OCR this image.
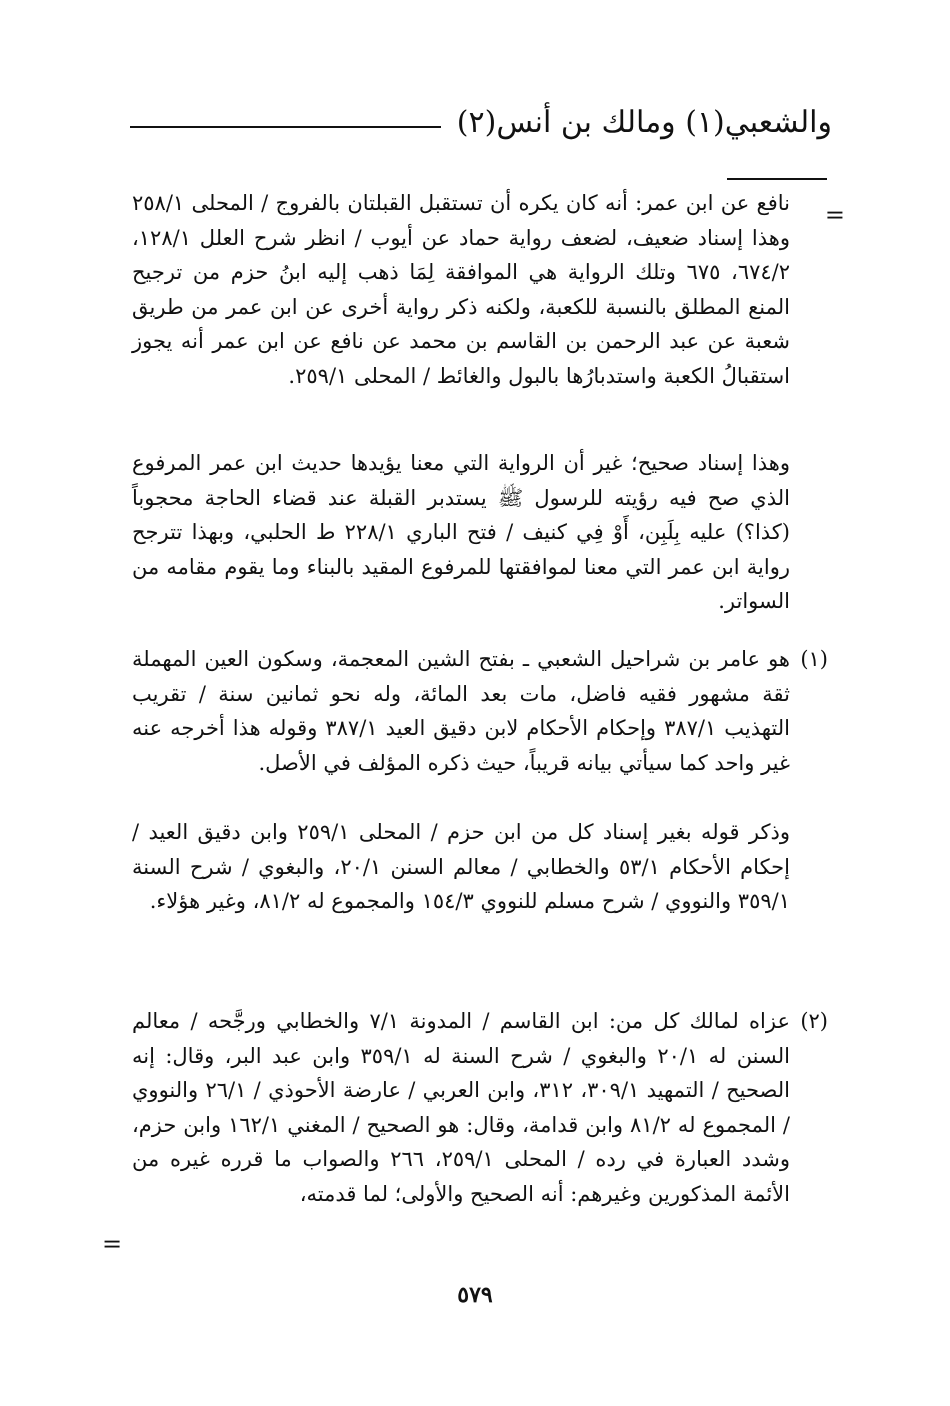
والشعبي(١) ومالك بن أنس(٢)
=
نافع عن ابن عمر: أنه كان يكره أن تستقبل القبلتان بالفروج / المحلى ٢٥٨/١ وهذا إسناد ضعيف، لضعف رواية حماد عن أيوب / انظر شرح العلل ١٢٨/١، ٦٧٤/٢، ٦٧٥ وتلك الرواية هي الموافقة لِمَا ذهب إليه ابنُ حزم من ترجيح المنع المطلق بالنسبة للكعبة، ولكنه ذكر رواية أخرى عن ابن عمر من طريق شعبة عن عبد الرحمن بن القاسم بن محمد عن نافع عن ابن عمر أنه يجوز استقبالُ الكعبة واستدبارُها بالبول والغائط / المحلى ٢٥٩/١.
وهذا إسناد صحيح؛ غير أن الرواية التي معنا يؤيدها حديث ابن عمر المرفوع الذي صح فيه رؤيته للرسول ﷺ يستدبر القبلة عند قضاء الحاجة محجوباً (كذا؟) عليه بِلَبِن، أَوْ فِي كنيف / فتح الباري ٢٢٨/١ ط الحلبي، وبهذا تترجح رواية ابن عمر التي معنا لموافقتها للمرفوع المقيد بالبناء وما يقوم مقامه من السواتر.
(١)
هو عامر بن شراحيل الشعبي ـ بفتح الشين المعجمة، وسكون العين المهملة ثقة مشهور فقيه فاضل، مات بعد المائة، وله نحو ثمانين سنة / تقريب التهذيب ٣٨٧/١ وإحكام الأحكام لابن دقيق العيد ٣٨٧/١ وقوله هذا أخرجه عنه غير واحد كما سيأتي بيانه قريباً، حيث ذكره المؤلف في الأصل.
وذكر قوله بغير إسناد كل من ابن حزم / المحلى ٢٥٩/١ وابن دقيق العيد / إحكام الأحكام ٥٣/١ والخطابي / معالم السنن ٢٠/١، والبغوي / شرح السنة ٣٥٩/١ والنووي / شرح مسلم للنووي ١٥٤/٣ والمجموع له ٨١/٢، وغير هؤلاء.
(٢)
عزاه لمالك كل من: ابن القاسم / المدونة ٧/١ والخطابي ورجَّحه / معالم السنن له ٢٠/١ والبغوي / شرح السنة له ٣٥٩/١ وابن عبد البر، وقال: إنه الصحيح / التمهيد ٣٠٩/١، ٣١٢، وابن العربي / عارضة الأحوذي / ٢٦/١ والنووي / المجموع له ٨١/٢ وابن قدامة، وقال: هو الصحيح / المغني ١٦٢/١ وابن حزم، وشدد العبارة في رده / المحلى ٢٥٩/١، ٢٦٦ والصواب ما قرره غيره من الأئمة المذكورين وغيرهم: أنه الصحيح والأولى؛ لما قدمته،
=
٥٧٩
